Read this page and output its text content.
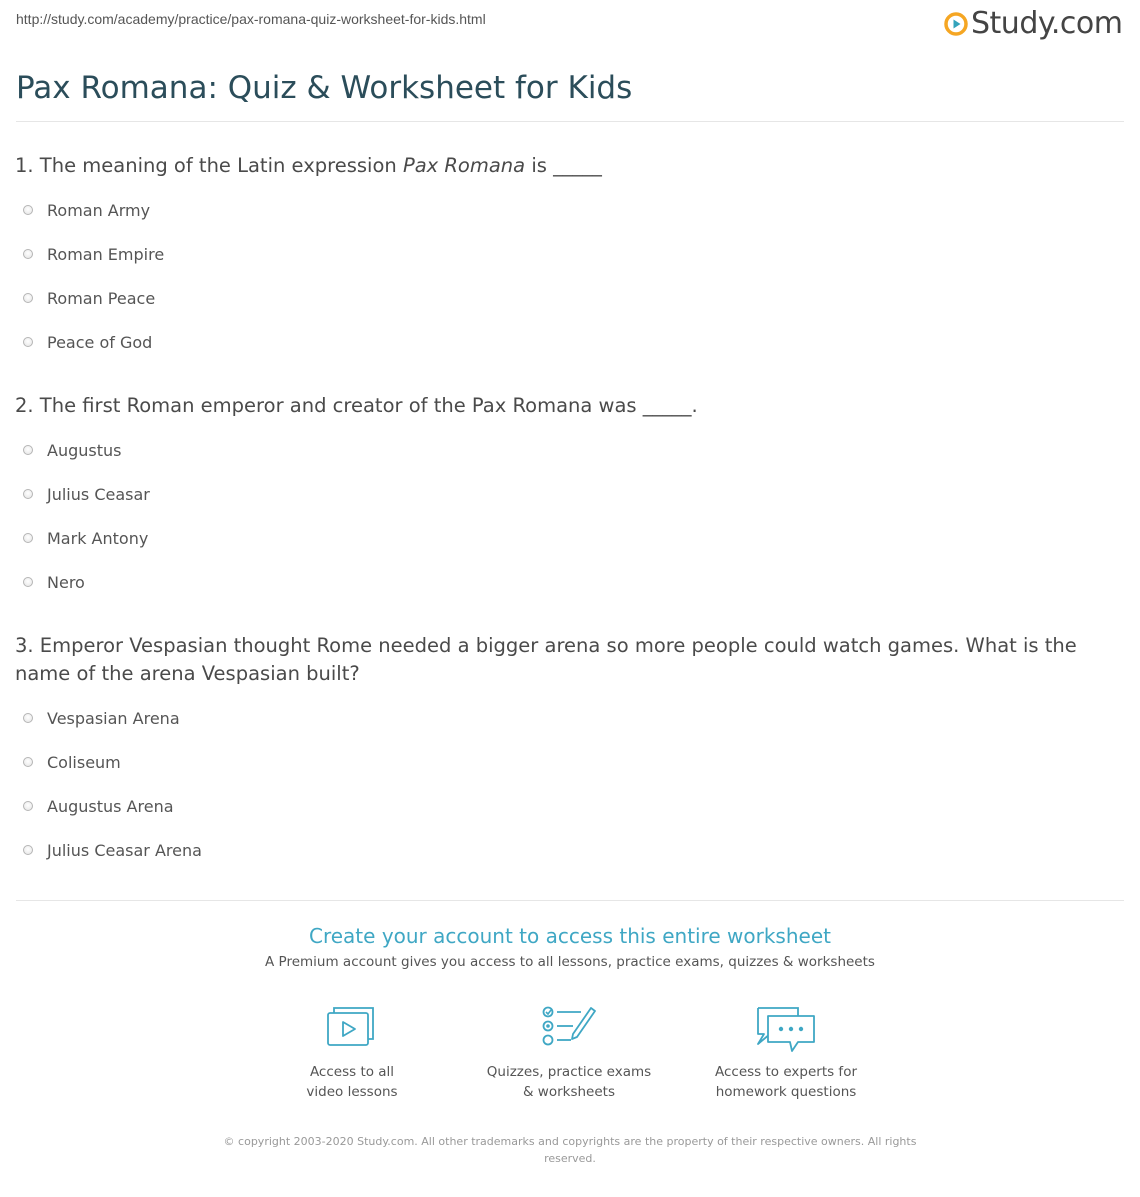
http://study.com/academy/practice/pax-romana-quiz-worksheet-for-kids.html	Study.com
Pax Romana: Quiz & Worksheet for Kids
1. The meaning of the Latin expression Pax Romana is _____
Roman Army
Roman Empire
Roman Peace
Peace of God
2. The first Roman emperor and creator of the Pax Romana was _____.
Augustus
Julius Ceasar
Mark Antony
Nero
3. Emperor Vespasian thought Rome needed a bigger arena so more people could watch games. What is the name of the arena Vespasian built?
Vespasian Arena
Coliseum
Augustus Arena
Julius Ceasar Arena
Create your account to access this entire worksheet
A Premium account gives you access to all lessons, practice exams, quizzes & worksheets
Access to all
video lessons
Quizzes, practice exams
& worksheets
Access to experts for
homework questions
© copyright 2003-2020 Study.com. All other trademarks and copyrights are the property of their respective owners. All rights reserved.
